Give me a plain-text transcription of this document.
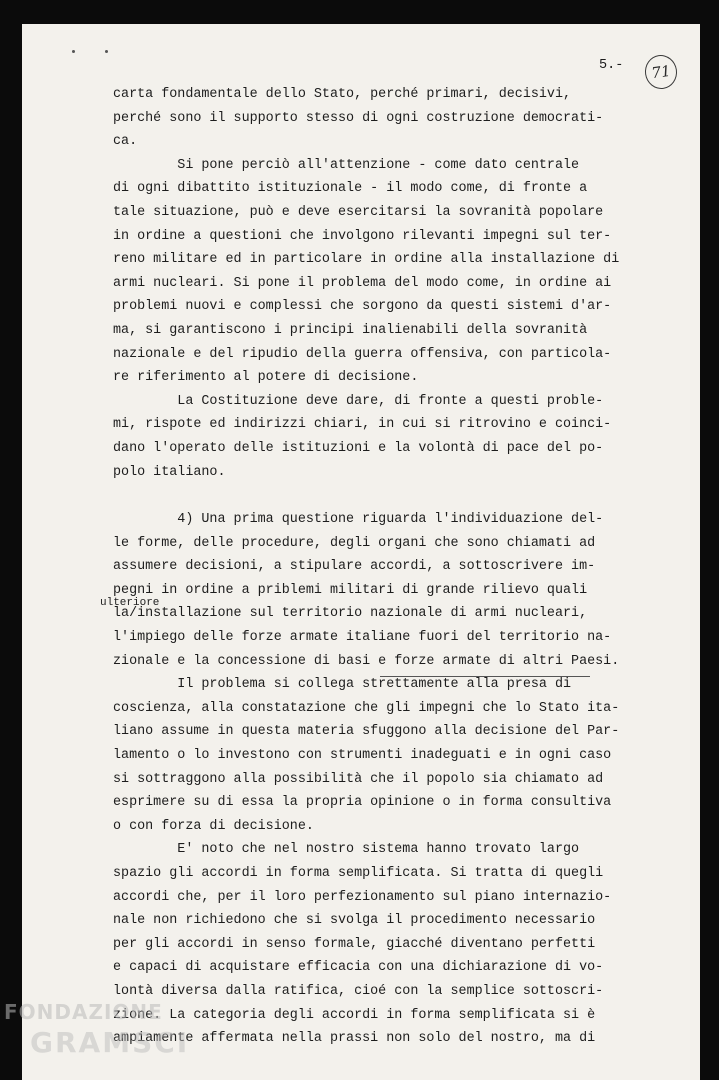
5.-	71
ulteriore
carta fondamentale dello Stato, perché primari, decisivi,
perché sono il supporto stesso di ogni costruzione democrati-
ca.
Si pone perciò all'attenzione - come dato centrale
di ogni dibattito istituzionale - il modo come, di fronte a
tale situazione, può e deve esercitarsi la sovranità popolare
in ordine a questioni che involgono rilevanti impegni sul ter-
reno militare ed in particolare in ordine alla installazione di
armi nucleari. Si pone il problema del modo come, in ordine ai
problemi nuovi e complessi che sorgono da questi sistemi d'ar-
ma, si garantiscono i principi inalienabili della sovranità
nazionale e del ripudio della guerra offensiva, con particola-
re riferimento al potere di decisione.
La Costituzione deve dare, di fronte a questi proble-
mi, rispote ed indirizzi chiari, in cui si ritrovino e coinci-
dano l'operato delle istituzioni e la volontà di pace del po-
polo italiano.
4) Una prima questione riguarda l'individuazione del-
le forme, delle procedure, degli organi che sono chiamati ad
assumere decisioni, a stipulare accordi, a sottoscrivere im-
pegni in ordine a priblemi militari di grande rilievo quali
la/installazione sul territorio nazionale di armi nucleari,
l'impiego delle forze armate italiane fuori del territorio na-
zionale e la concessione di basi e forze armate di altri Paesi.
Il problema si collega strettamente alla presa di
coscienza, alla constatazione che gli impegni che lo Stato ita-
liano assume in questa materia sfuggono alla decisione del Par-
lamento o lo investono con strumenti inadeguati e in ogni caso
si sottraggono alla possibilità che il popolo sia chiamato ad
esprimere su di essa la propria opinione o in forma consultiva
o con forza di decisione.
E' noto che nel nostro sistema hanno trovato largo
spazio gli accordi in forma semplificata. Si tratta di quegli
accordi che, per il loro perfezionamento sul piano internazio-
nale non richiedono che si svolga il procedimento necessario
per gli accordi in senso formale, giacché diventano perfetti
e capaci di acquistare efficacia con una dichiarazione di vo-
lontà diversa dalla ratifica, cioé con la semplice sottoscri-
zione. La categoria degli accordi in forma semplificata si è
ampiamente affermata nella prassi non solo del nostro, ma di
FONDAZIONE
GRAMSCI
